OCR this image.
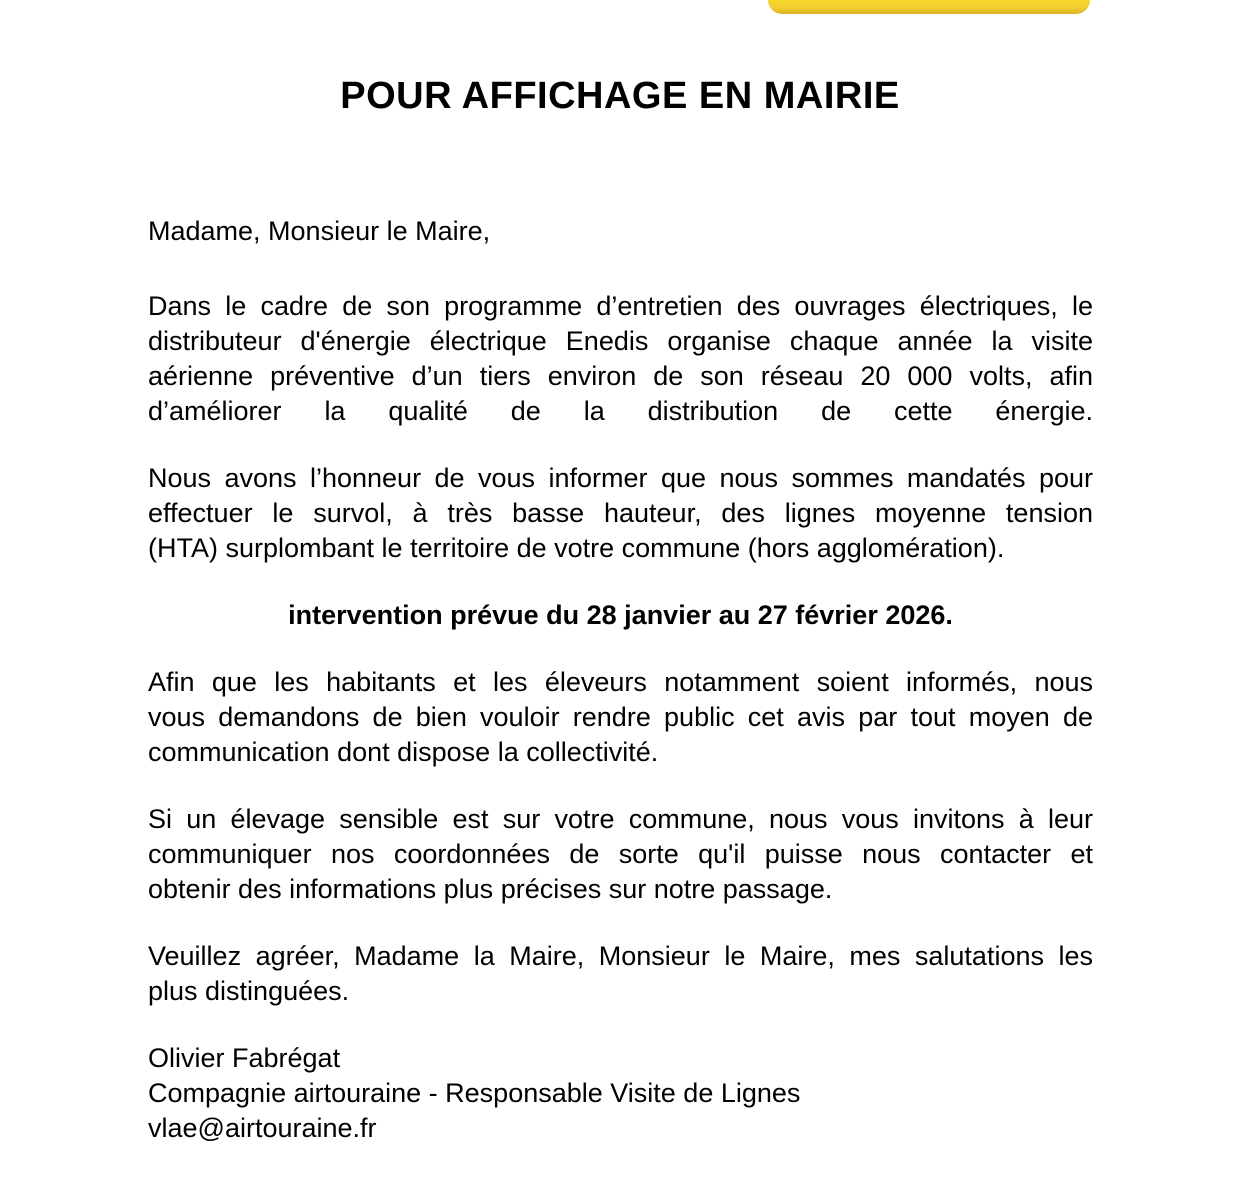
POUR AFFICHAGE EN MAIRIE
Madame, Monsieur le Maire,
Dans le cadre de son programme d’entretien des ouvrages électriques, le
distributeur d'énergie électrique Enedis organise chaque année la visite
aérienne préventive d’un tiers environ de son réseau 20 000 volts, afin
d’améliorer la qualité de la distribution de cette énergie.
Nous avons l’honneur de vous informer que nous sommes mandatés pour
effectuer le survol, à très basse hauteur, des lignes moyenne tension
(HTA) surplombant le territoire de votre commune (hors agglomération).
intervention prévue du 28 janvier au 27 février 2026.
Afin que les habitants et les éleveurs notamment soient informés, nous
vous demandons de bien vouloir rendre public cet avis par tout moyen de
communication dont dispose la collectivité.
Si un élevage sensible est sur votre commune, nous vous invitons à leur
communiquer nos coordonnées de sorte qu'il puisse nous contacter et
obtenir des informations plus précises sur notre passage.
Veuillez agréer, Madame la Maire, Monsieur le Maire, mes salutations les
plus distinguées.
Olivier Fabrégat
Compagnie airtouraine - Responsable Visite de Lignes
vlae@airtouraine.fr
